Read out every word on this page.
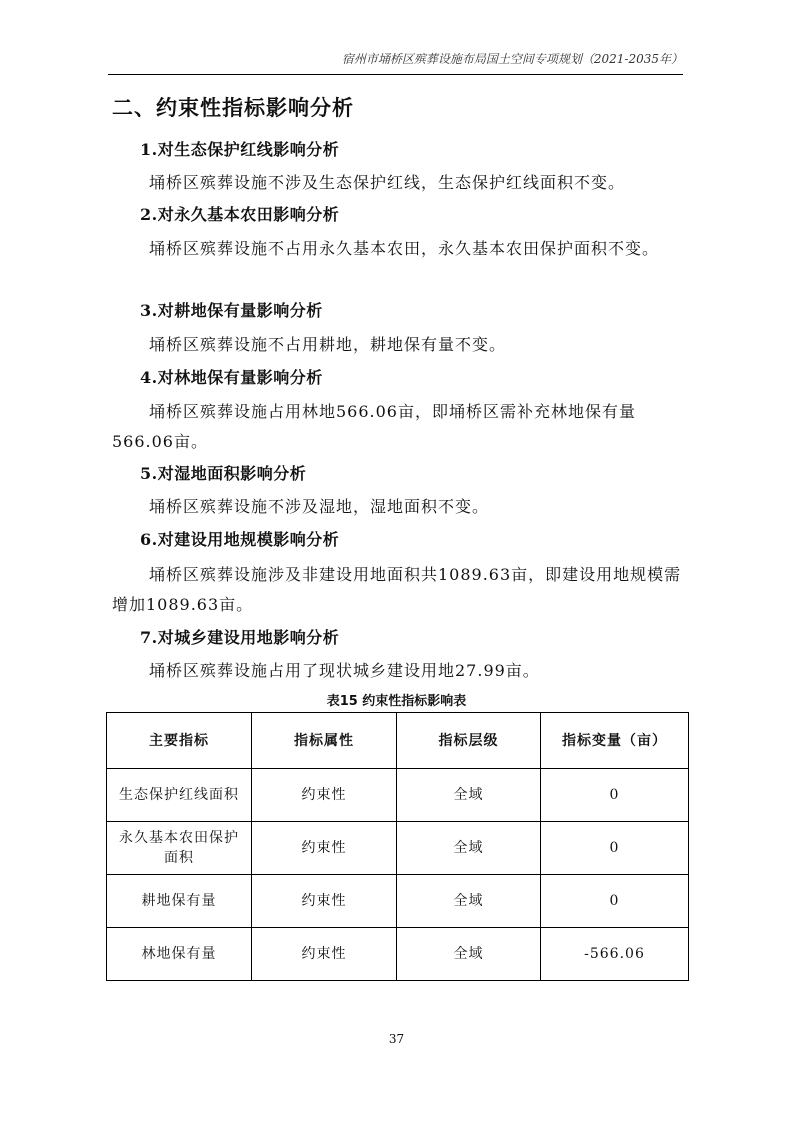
宿州市埇桥区殡葬设施布局国土空间专项规划（2021-2035年）
二、约束性指标影响分析
1.对生态保护红线影响分析
埇桥区殡葬设施不涉及生态保护红线，生态保护红线面积不变。
2.对永久基本农田影响分析
埇桥区殡葬设施不占用永久基本农田，永久基本农田保护面积不变。
3.对耕地保有量影响分析
埇桥区殡葬设施不占用耕地，耕地保有量不变。
4.对林地保有量影响分析
埇桥区殡葬设施占用林地566.06亩，即埇桥区需补充林地保有量566.06亩。
5.对湿地面积影响分析
埇桥区殡葬设施不涉及湿地，湿地面积不变。
6.对建设用地规模影响分析
埇桥区殡葬设施涉及非建设用地面积共1089.63亩，即建设用地规模需增加1089.63亩。
7.对城乡建设用地影响分析
埇桥区殡葬设施占用了现状城乡建设用地27.99亩。
表15 约束性指标影响表
主要指标	指标属性	指标层级	指标变量（亩）
生态保护红线面积	约束性	全域	0
永久基本农田保护面积	约束性	全域	0
耕地保有量	约束性	全域	0
林地保有量	约束性	全域	-566.06
37
